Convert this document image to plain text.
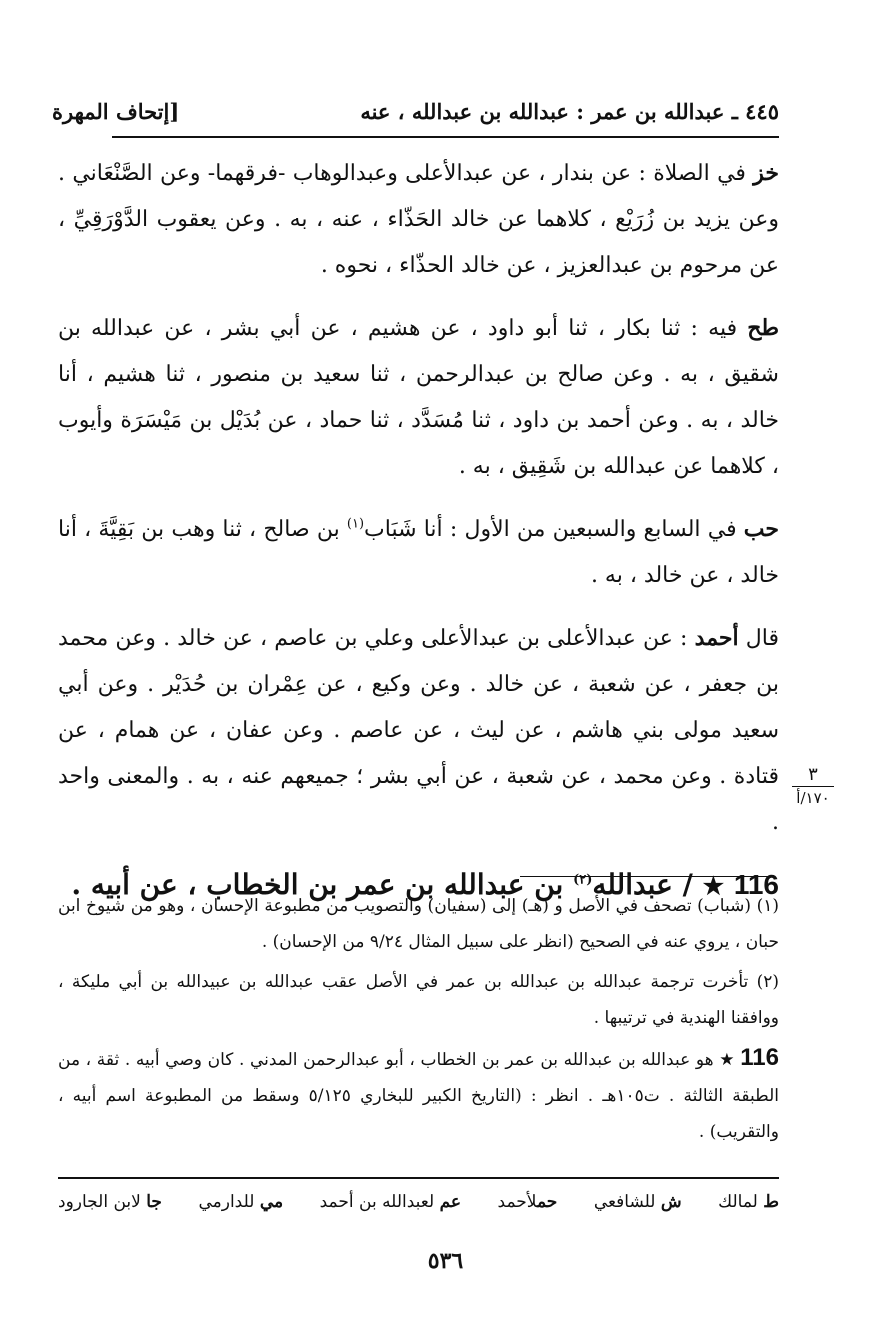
٤٤٥ ـ عبدالله بن عمر : عبدالله بن عبدالله ، عنه
[إتحاف المهرة

خز في الصلاة : عن بندار ، عن عبدالأعلى وعبدالوهاب -فرقهما- وعن الصَّنْعَاني . وعن يزيد بن زُرَيْع ، كلاهما عن خالد الحَذّاء ، عنه ، به . وعن يعقوب الدَّوْرَقِيِّ ، عن مرحوم بن عبدالعزيز ، عن خالد الحذّاء ، نحوه .

طح فيه : ثنا بكار ، ثنا أبو داود ، عن هشيم ، عن أبي بشر ، عن عبدالله بن شقيق ، به . وعن صالح بن عبدالرحمن ، ثنا سعيد بن منصور ، ثنا هشيم ، أنا خالد ، به . وعن أحمد بن داود ، ثنا مُسَدَّد ، ثنا حماد ، عن بُدَيْل بن مَيْسَرَة وأيوب ، كلاهما عن عبدالله بن شَقِيق ، به .

حب في السابع والسبعين من الأول : أنا شَبَاب$^{(١)}$ بن صالح ، ثنا وهب بن بَقِيَّةَ ، أنا خالد ، عن خالد ، به .

قال أحمد : عن عبدالأعلى بن عبدالأعلى وعلي بن عاصم ، عن خالد . وعن محمد بن جعفر ، عن شعبة ، عن خالد . وعن وكيع ، عن عِمْران بن حُدَيْر . وعن أبي سعيد مولى بني هاشم ، عن ليث ، عن عاصم . وعن عفان ، عن همام ، عن قتادة . وعن محمد ، عن شعبة ، عن أبي بشر ؛ جميعهم عنه ، به . والمعنى واحد .

116 ★ / عبدالله$^{(٢)}$ بن عبدالله بن عمر بن الخطاب ، عن أبيه .

٣
١٧٠/أ

(١) (شباب) تصحف في الأصل و (هـ) إلى (سفيان) والتصويب من مطبوعة الإحسان ، وهو من شيوخ ابن حبان ، يروي عنه في الصحيح (انظر على سبيل المثال ٩/٢٤ من الإحسان) .

(٢) تأخرت ترجمة عبدالله بن عبدالله بن عمر في الأصل عقب عبدالله بن عبيدالله بن أبي مليكة ، ووافقنا الهندية في ترتيبها .

116 ★ هو عبدالله بن عبدالله بن عمر بن الخطاب ، أبو عبدالرحمن المدني . كان وصي أبيه . ثقة ، من الطبقة الثالثة . ت١٠٥هـ . انظر : (التاريخ الكبير للبخاري ٥/١٢٥ وسقط من المطبوعة اسم أبيه ، والتقريب) .

ط لمالك
ش للشافعي
حملأحمد
عم لعبدالله بن أحمد
مي للدارمي
جا لابن الجارود
٥٣٦
